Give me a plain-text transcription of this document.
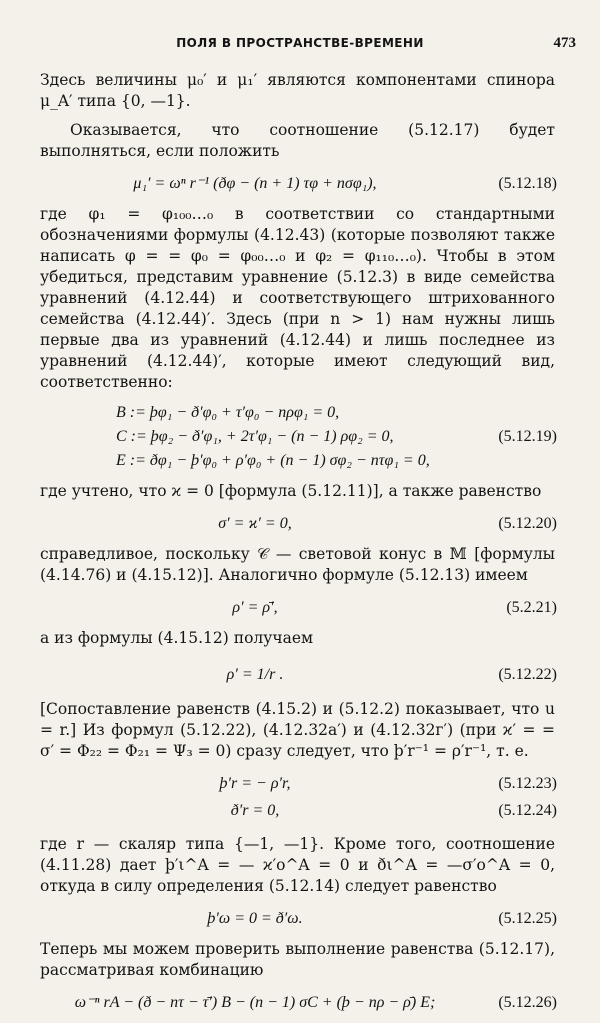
ПОЛЯ В ПРОСТРАНСТВЕ-ВРЕМЕНИ	473

Здесь величины μ₀′ и μ₁′ являются компонентами спинора μ_A′ типа {0, —1}.

Оказывается, что соотношение (5.12.17) будет выполняться, если положить

μ₁′ = ωⁿ r⁻¹ (ðφ − (n + 1) τφ + nσφ₁),	(5.12.18)

где φ₁ = φ₁₀₀…₀ в соответствии со стандартными обозначениями формулы (4.12.43) (которые позволяют также написать φ = = φ₀ = φ₀₀…₀ и φ₂ = φ₁₁₀…₀). Чтобы в этом убедиться, представим уравнение (5.12.3) в виде семейства уравнений (4.12.44) и соответствующего штрихованного семейства (4.12.44)′. Здесь (при n > 1) нам нужны лишь первые два из уравнений (4.12.44) и лишь последнее из уравнений (4.12.44)′, которые имеют следующий вид, соответственно:

B := þφ₁ − ð′φ₀ + τ′φ₀ − nρφ₁ = 0,
C := þφ₂ − ð′φ₁, + 2τ′φ₁ − (n − 1) ρφ₂ = 0,
E := ðφ₁ − þ′φ₀ + ρ′φ₀ + (n − 1) σφ₂ − nτφ₁ = 0,
(5.12.19)

где учтено, что ϰ = 0 [формула (5.12.11)], а также равенство

σ′ = ϰ′ = 0,	(5.12.20)

справедливое, поскольку 𝒞 — световой конус в 𝕄 [формулы (4.14.76) и (4.15.12)]. Аналогично формуле (5.12.13) имеем

ρ′ = ρ̄′,	(5.2.21)

а из формулы (4.15.12) получаем

ρ′ = 1/r .	(5.12.22)

[Сопоставление равенств (4.15.2) и (5.12.2) показывает, что u = r.] Из формул (5.12.22), (4.12.32а′) и (4.12.32г′) (при ϰ′ = = σ′ = Φ₂₂ = Φ₂₁ = Ψ₃ = 0) сразу следует, что þ′r⁻¹ = ρ′r⁻¹, т. е.

þ′r = − ρ′r,	(5.12.23)
ð′r = 0,	(5.12.24)

где r — скаляр типа {—1, —1}. Кроме того, соотношение (4.11.28) дает þ′ι^A = — ϰ′o^A = 0 и ðι^A = —σ′o^A = 0, откуда в силу определения (5.12.14) следует равенство

þ′ω = 0 = ð′ω.	(5.12.25)

Теперь мы можем проверить выполнение равенства (5.12.17), рассматривая комбинацию

ω⁻ⁿ rA − (ð − nτ − τ̄′) B − (n − 1) σC + (þ − nρ − ρ̄) E;	(5.12.26)
